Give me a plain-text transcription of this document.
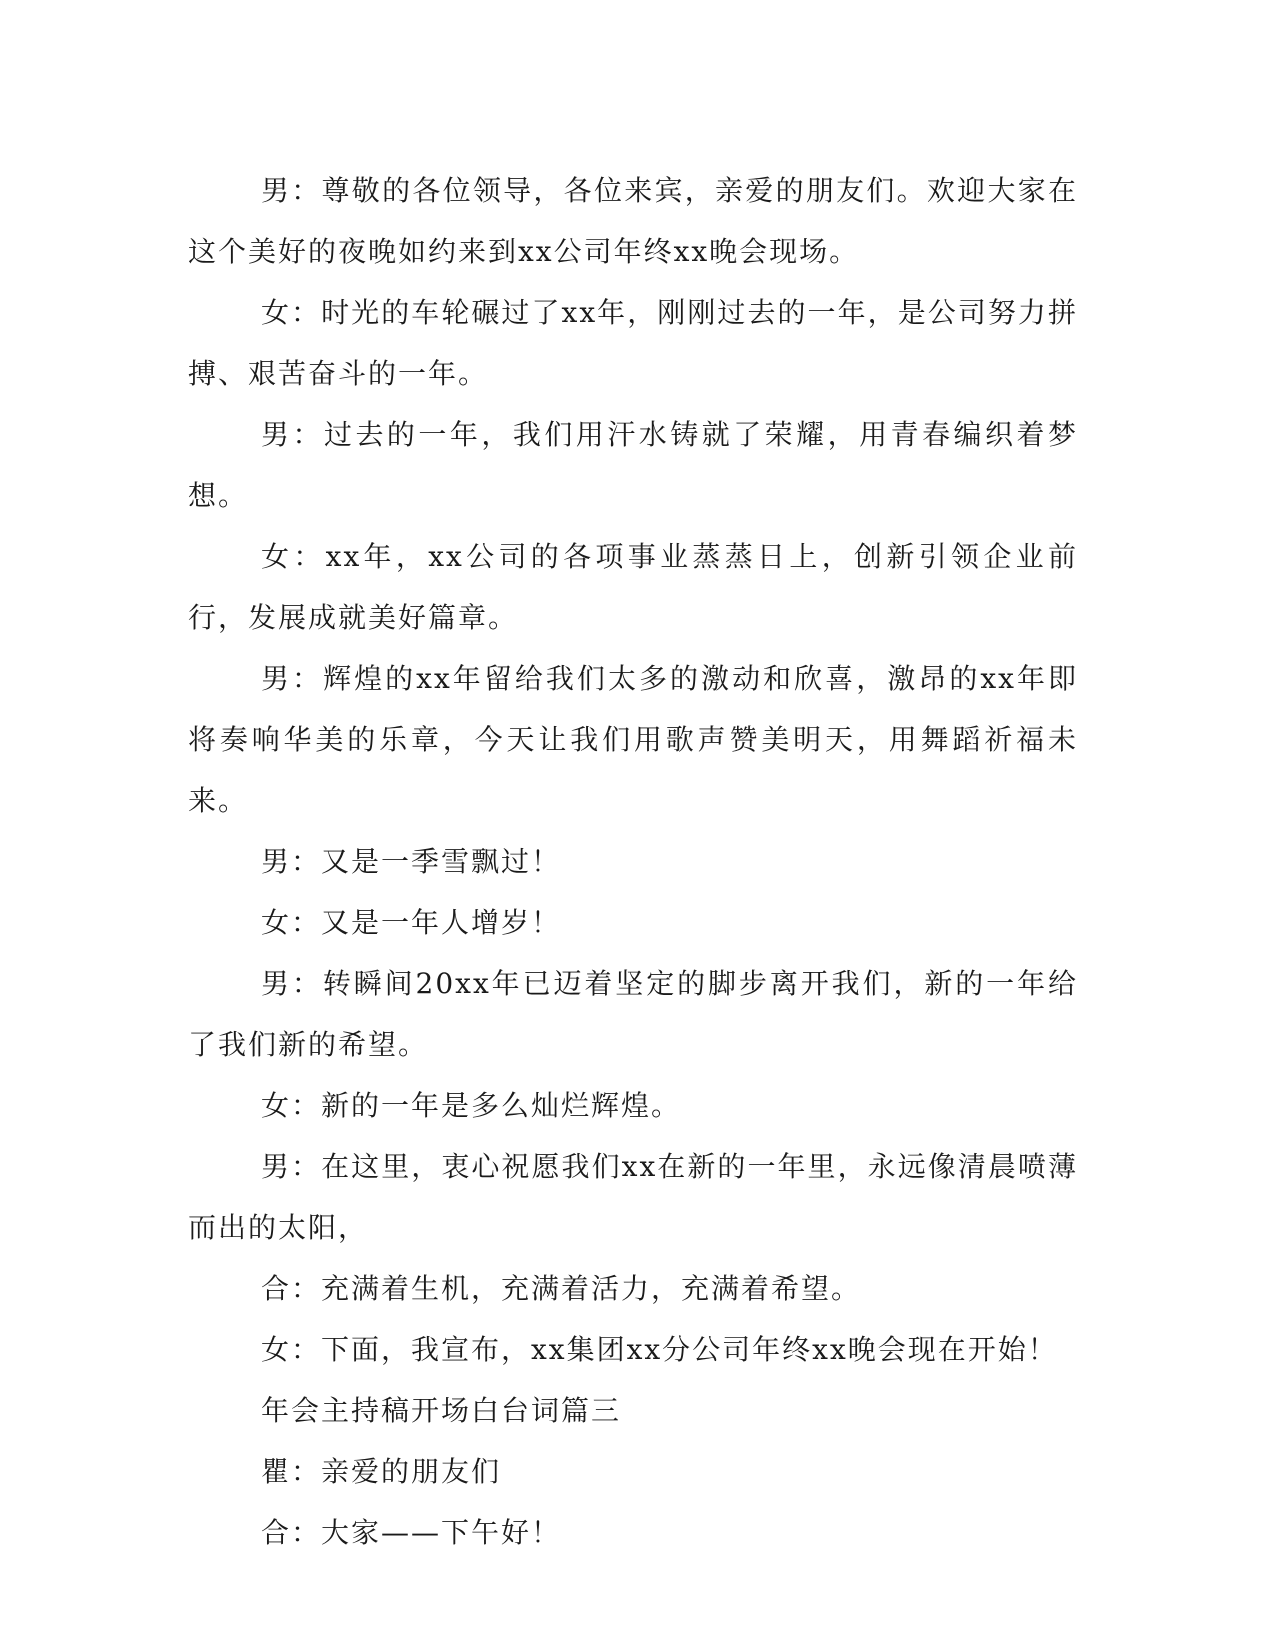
男：尊敬的各位领导，各位来宾，亲爱的朋友们。欢迎大家在这个美好的夜晚如约来到xx公司年终xx晚会现场。

女：时光的车轮碾过了xx年，刚刚过去的一年，是公司努力拼搏、艰苦奋斗的一年。

男：过去的一年，我们用汗水铸就了荣耀，用青春编织着梦想。

女：xx年，xx公司的各项事业蒸蒸日上，创新引领企业前行，发展成就美好篇章。

男：辉煌的xx年留给我们太多的激动和欣喜，激昂的xx年即将奏响华美的乐章，今天让我们用歌声赞美明天，用舞蹈祈福未来。

男：又是一季雪飘过！

女：又是一年人增岁！

男：转瞬间20xx年已迈着坚定的脚步离开我们，新的一年给了我们新的希望。

女：新的一年是多么灿烂辉煌。

男：在这里，衷心祝愿我们xx在新的一年里，永远像清晨喷薄而出的太阳，

合：充满着生机，充满着活力，充满着希望。

女：下面，我宣布，xx集团xx分公司年终xx晚会现在开始！

年会主持稿开场白台词篇三

瞿：亲爱的朋友们

合：大家——下午好！
